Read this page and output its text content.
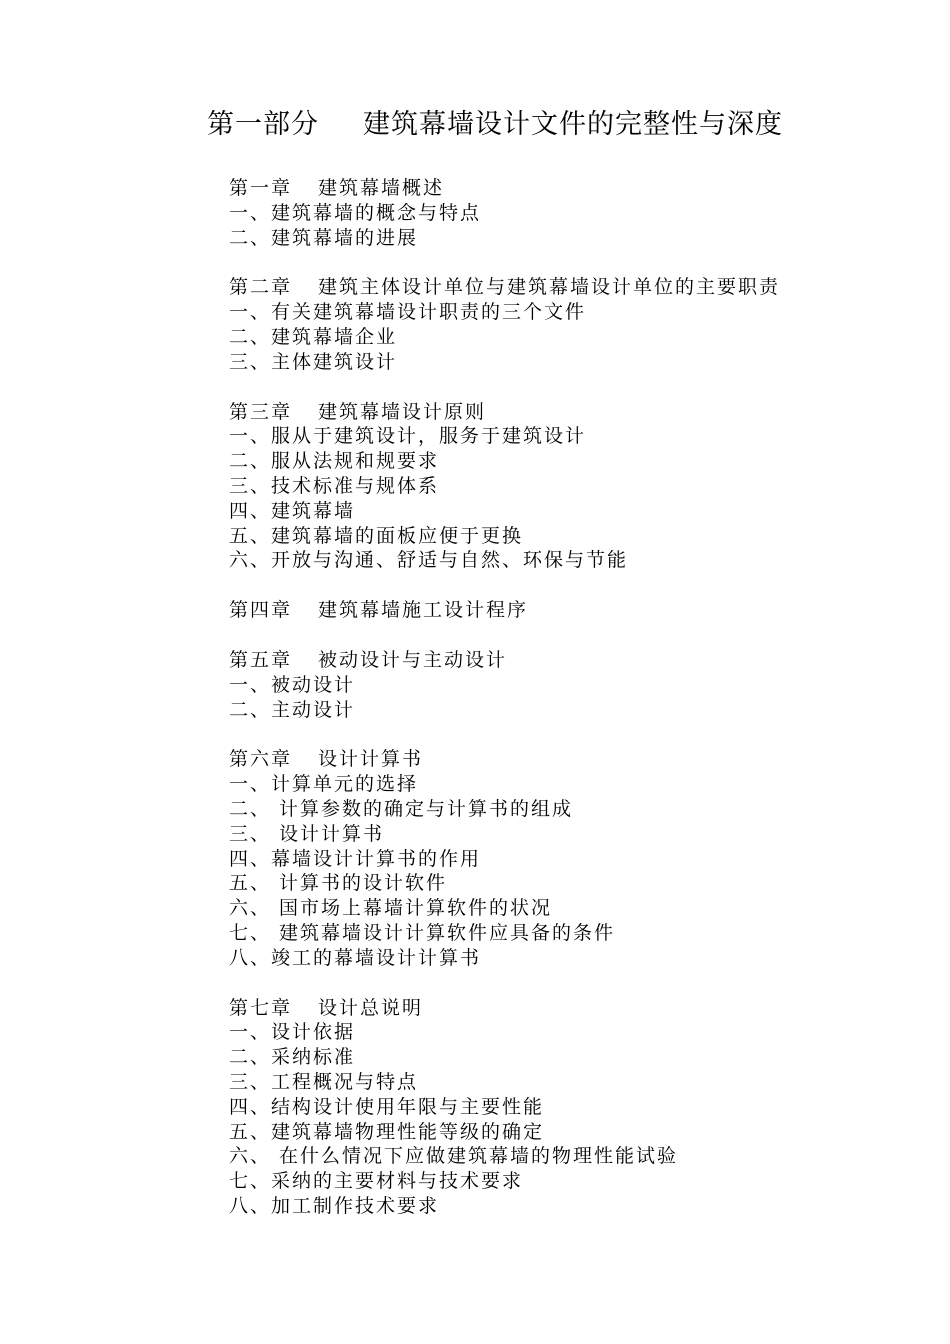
第一部分 建筑幕墙设计文件的完整性与深度
第一章 建筑幕墙概述
一、建筑幕墙的概念与特点
二、建筑幕墙的进展
第二章 建筑主体设计单位与建筑幕墙设计单位的主要职责
一、有关建筑幕墙设计职责的三个文件
二、建筑幕墙企业
三、主体建筑设计
第三章 建筑幕墙设计原则
一、服从于建筑设计，服务于建筑设计
二、服从法规和规要求
三、技术标准与规体系
四、建筑幕墙
五、建筑幕墙的面板应便于更换
六、开放与沟通、舒适与自然、环保与节能
第四章 建筑幕墙施工设计程序
第五章 被动设计与主动设计
一、被动设计
二、主动设计
第六章 设计计算书
一、计算单元的选择
二、 计算参数的确定与计算书的组成
三、 设计计算书
四、幕墙设计计算书的作用
五、 计算书的设计软件
六、 国市场上幕墙计算软件的状况
七、 建筑幕墙设计计算软件应具备的条件
八、竣工的幕墙设计计算书
第七章 设计总说明
一、设计依据
二、采纳标准
三、工程概况与特点
四、结构设计使用年限与主要性能
五、建筑幕墙物理性能等级的确定
六、 在什么情况下应做建筑幕墙的物理性能试验
七、采纳的主要材料与技术要求
八、加工制作技术要求
